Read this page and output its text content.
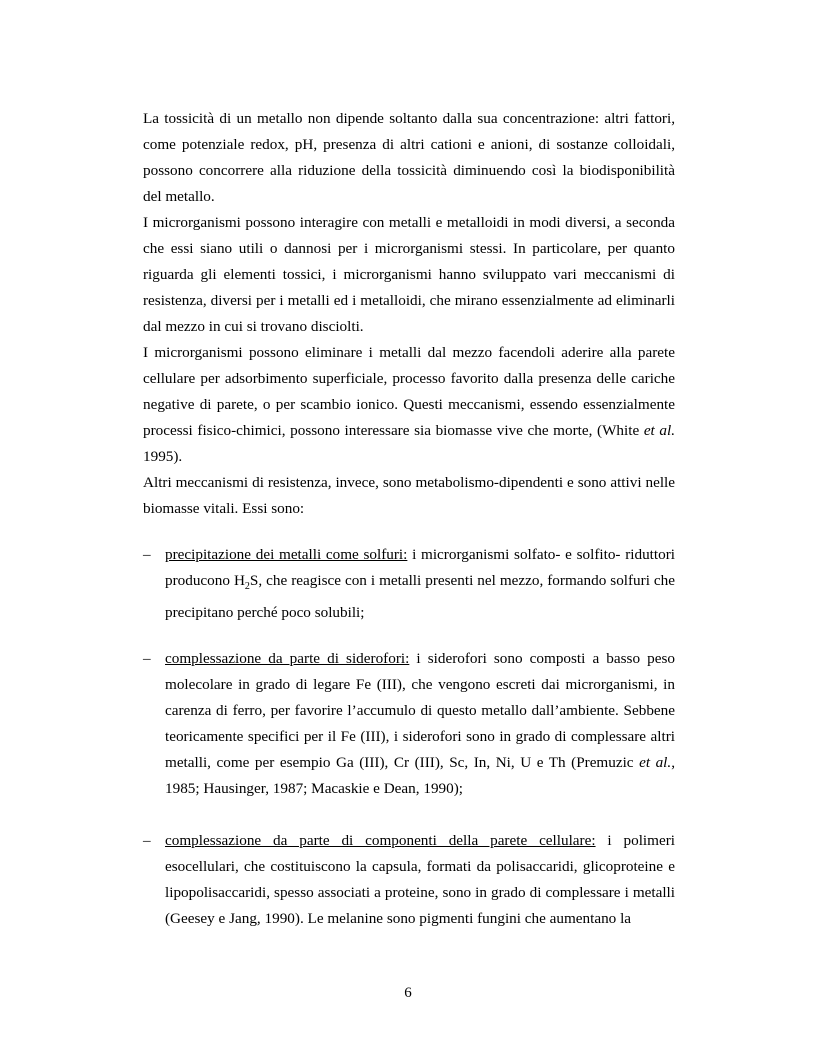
La tossicità di un metallo non dipende soltanto dalla sua concentrazione: altri fattori, come potenziale redox, pH, presenza di altri cationi e anioni, di sostanze colloidali, possono concorrere alla riduzione della tossicità diminuendo così la biodisponibilità del metallo.

I microrganismi possono interagire con metalli e metalloidi in modi diversi, a seconda che essi siano utili o dannosi per i microrganismi stessi. In particolare, per quanto riguarda gli elementi tossici, i microrganismi hanno sviluppato vari meccanismi di resistenza, diversi per i metalli ed i metalloidi, che mirano essenzialmente ad eliminarli dal mezzo in cui si trovano disciolti.

I microrganismi possono eliminare i metalli dal mezzo facendoli aderire alla parete cellulare per adsorbimento superficiale, processo favorito dalla presenza delle cariche negative di parete, o per scambio ionico. Questi meccanismi, essendo essenzialmente processi fisico-chimici, possono interessare sia biomasse vive che morte, (White et al. 1995).

Altri meccanismi di resistenza, invece, sono metabolismo-dipendenti e sono attivi nelle biomasse vitali. Essi sono:

– precipitazione dei metalli come solfuri: i microrganismi solfato- e solfito- riduttori producono $H_2S$, che reagisce con i metalli presenti nel mezzo, formando solfuri che precipitano perché poco solubili;

– complessazione da parte di siderofori: i siderofori sono composti a basso peso molecolare in grado di legare Fe (III), che vengono escreti dai microrganismi, in carenza di ferro, per favorire l’accumulo di questo metallo dall’ambiente. Sebbene teoricamente specifici per il Fe (III), i siderofori sono in grado di complessare altri metalli, come per esempio Ga (III), Cr (III), Sc, In, Ni, U e Th (Premuzic et al., 1985; Hausinger, 1987; Macaskie e Dean, 1990);

– complessazione da parte di componenti della parete cellulare: i polimeri esocellulari, che costituiscono la capsula, formati da polisaccaridi, glicoproteine e lipopolisaccaridi, spesso associati a proteine, sono in grado di complessare i metalli (Geesey e Jang, 1990). Le melanine sono pigmenti fungini che aumentano la

6
